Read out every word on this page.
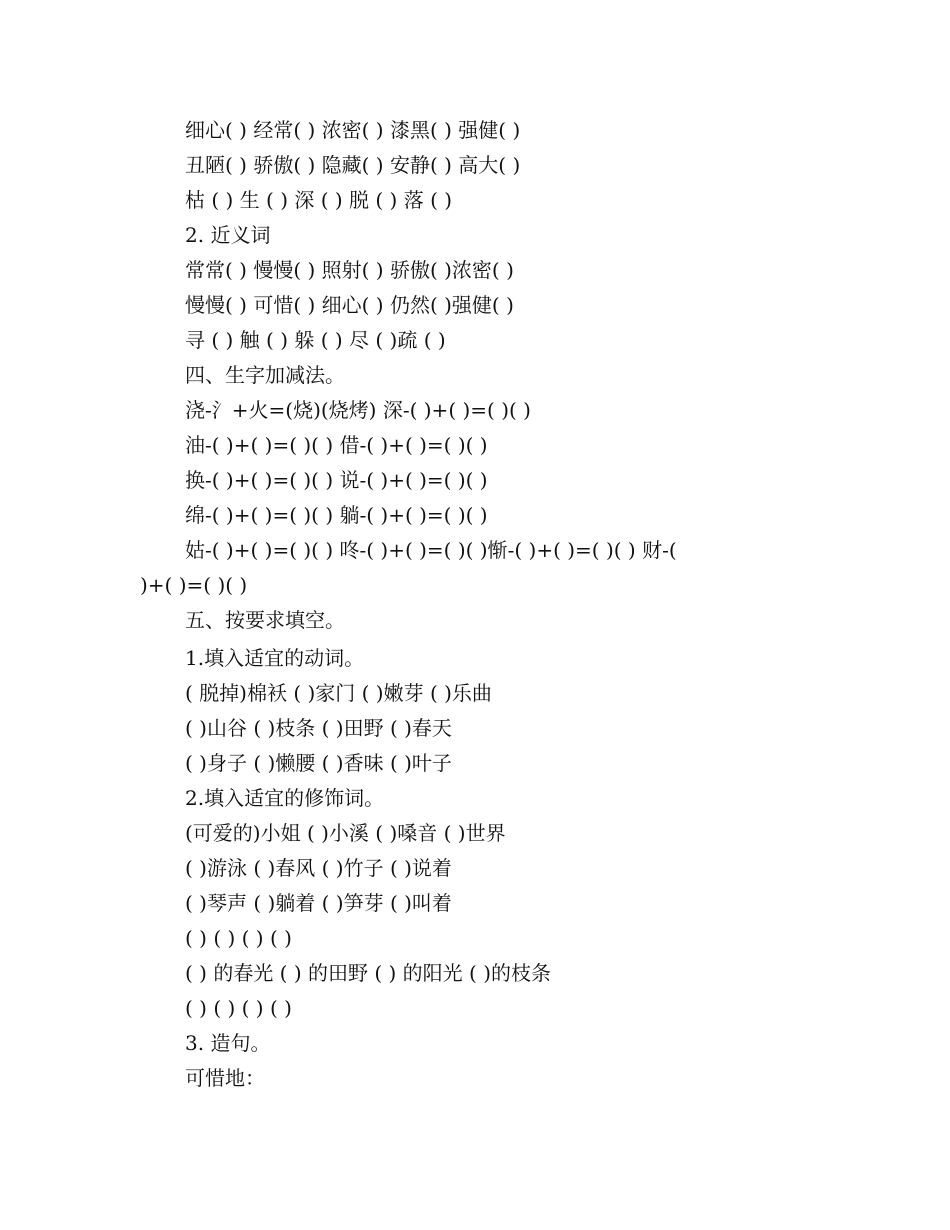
细心( ) 经常( ) 浓密( ) 漆黑( ) 强健( )
丑陋( ) 骄傲( ) 隐藏( ) 安静( ) 高大( )
枯 ( ) 生 ( ) 深 ( ) 脱 ( ) 落 ( )
2. 近义词
常常( ) 慢慢( ) 照射( ) 骄傲( )浓密( )
慢慢( ) 可惜( ) 细心( ) 仍然( )强健( )
寻 ( ) 触 ( ) 躲 ( ) 尽 ( )疏 ( )
四、生字加减法。
浇-氵+火=(烧)(烧烤) 深-( )+( )=( )( )
油-( )+( )=( )( ) 借-( )+( )=( )( )
换-( )+( )=( )( ) 说-( )+( )=( )( )
绵-( )+( )=( )( ) 躺-( )+( )=( )( )
姑-( )+( )=( )( ) 咚-( )+( )=( )( )惭-( )+( )=( )( ) 财-(
)+( )=( )( )
五、按要求填空。
1.填入适宜的动词。
( 脱掉)棉袄 ( )家门 ( )嫩芽 ( )乐曲
( )山谷 ( )枝条 ( )田野 ( )春天
( )身子 ( )懒腰 ( )香味 ( )叶子
2.填入适宜的修饰词。
(可爱的)小姐 ( )小溪 ( )嗓音 ( )世界
( )游泳 ( )春风 ( )竹子 ( )说着
( )琴声 ( )躺着 ( )笋芽 ( )叫着
( ) ( ) ( ) ( )
( ) 的春光 ( ) 的田野 ( ) 的阳光 ( )的枝条
( ) ( ) ( ) ( )
3. 造句。
可惜地：
